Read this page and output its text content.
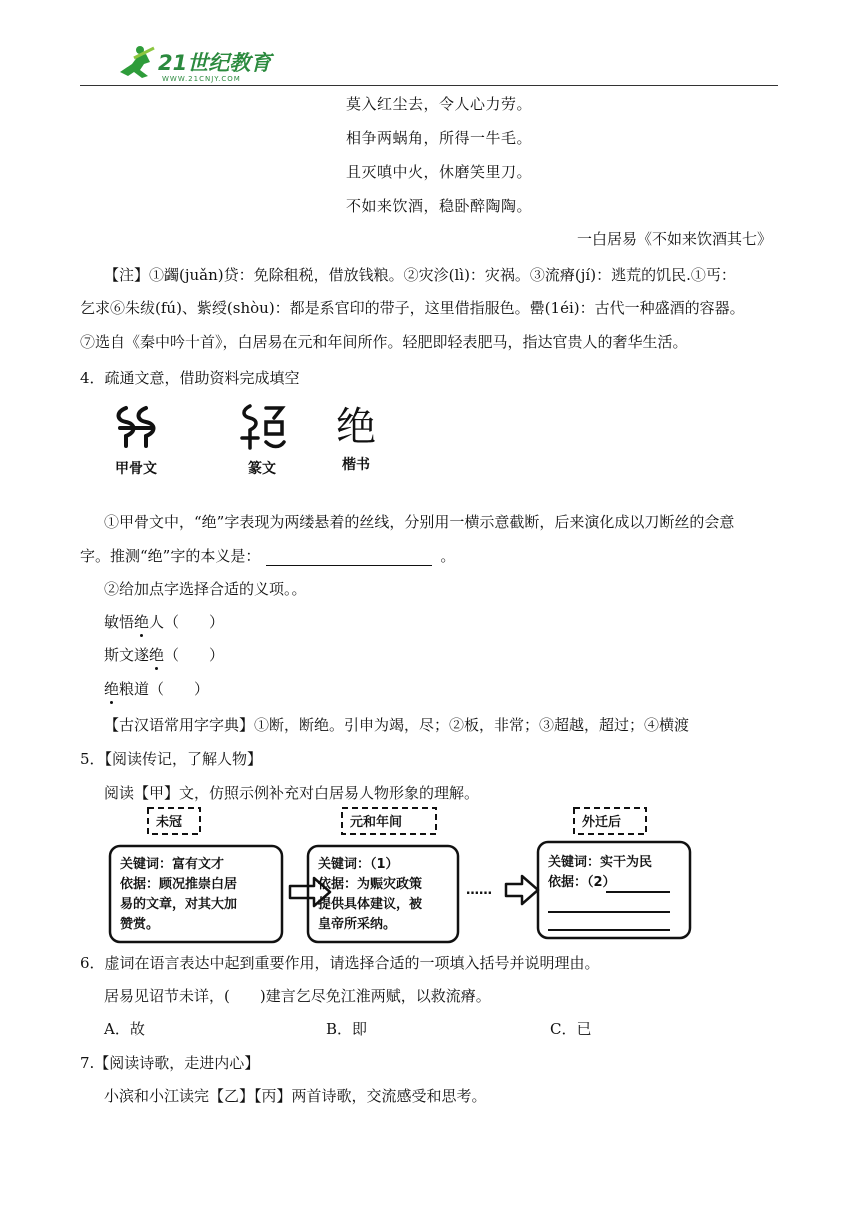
21世纪教育
WWW.21CNJY.COM
莫入红尘去，令人心力劳。
相争两蜗角，所得一牛毛。
且灭嗔中火，休磨笑里刀。
不如来饮酒，稳卧醉陶陶。
一白居易《不如来饮酒其七》
【注】①蠲(juǎn)贷：免除租税，借放钱粮。②灾沴(lì)：灾祸。③流瘠(jí)：逃荒的饥民.①丐：
乞求⑥朱绂(fú)、紫绶(shòu)：都是系官印的带子，这里借指服色。罍(1éi)：古代一种盛酒的容器。
⑦选自《秦中吟十首》，白居易在元和年间所作。轻肥即轻表肥马，指达官贵人的奢华生活。
4．疏通文意，借助资料完成填空
甲骨文	篆文
绝
楷书
①甲骨文中，“绝”字表现为两缕悬着的丝线，分别用一横示意截断，后来演化成以刀断丝的会意
字。推测“绝”字的本义是：	。
②给加点字选择合适的义项。。
敏悟绝人（　　）
斯文遂绝（　　）
绝粮道（　　）
【古汉语常用字字典】①断，断绝。引申为竭，尽；②板，非常；③超越，超过；④横渡
5．【阅读传记，了解人物】
阅读【甲】文，仿照示例补充对白居易人物形象的理解。
未冠
关键词：富有文才
依据：顾况推崇白居
易的文章，对其大加
赞赏。
元和年间
关键词：（1）
依据：为赈灾政策
提供具体建议，被
皇帝所采纳。
……
外迁后
关键词：实干为民
依据：（2）
6．虚词在语言表达中起到重要作用，请选择合适的一项填入括号并说明理由。
居易见诏节未详，(　　)建言乞尽免江淮两赋，以救流瘠。
A．故	B．即	C．已
7.【阅读诗歌，走进内心】
小滨和小江读完【乙】【丙】两首诗歌，交流感受和思考。
